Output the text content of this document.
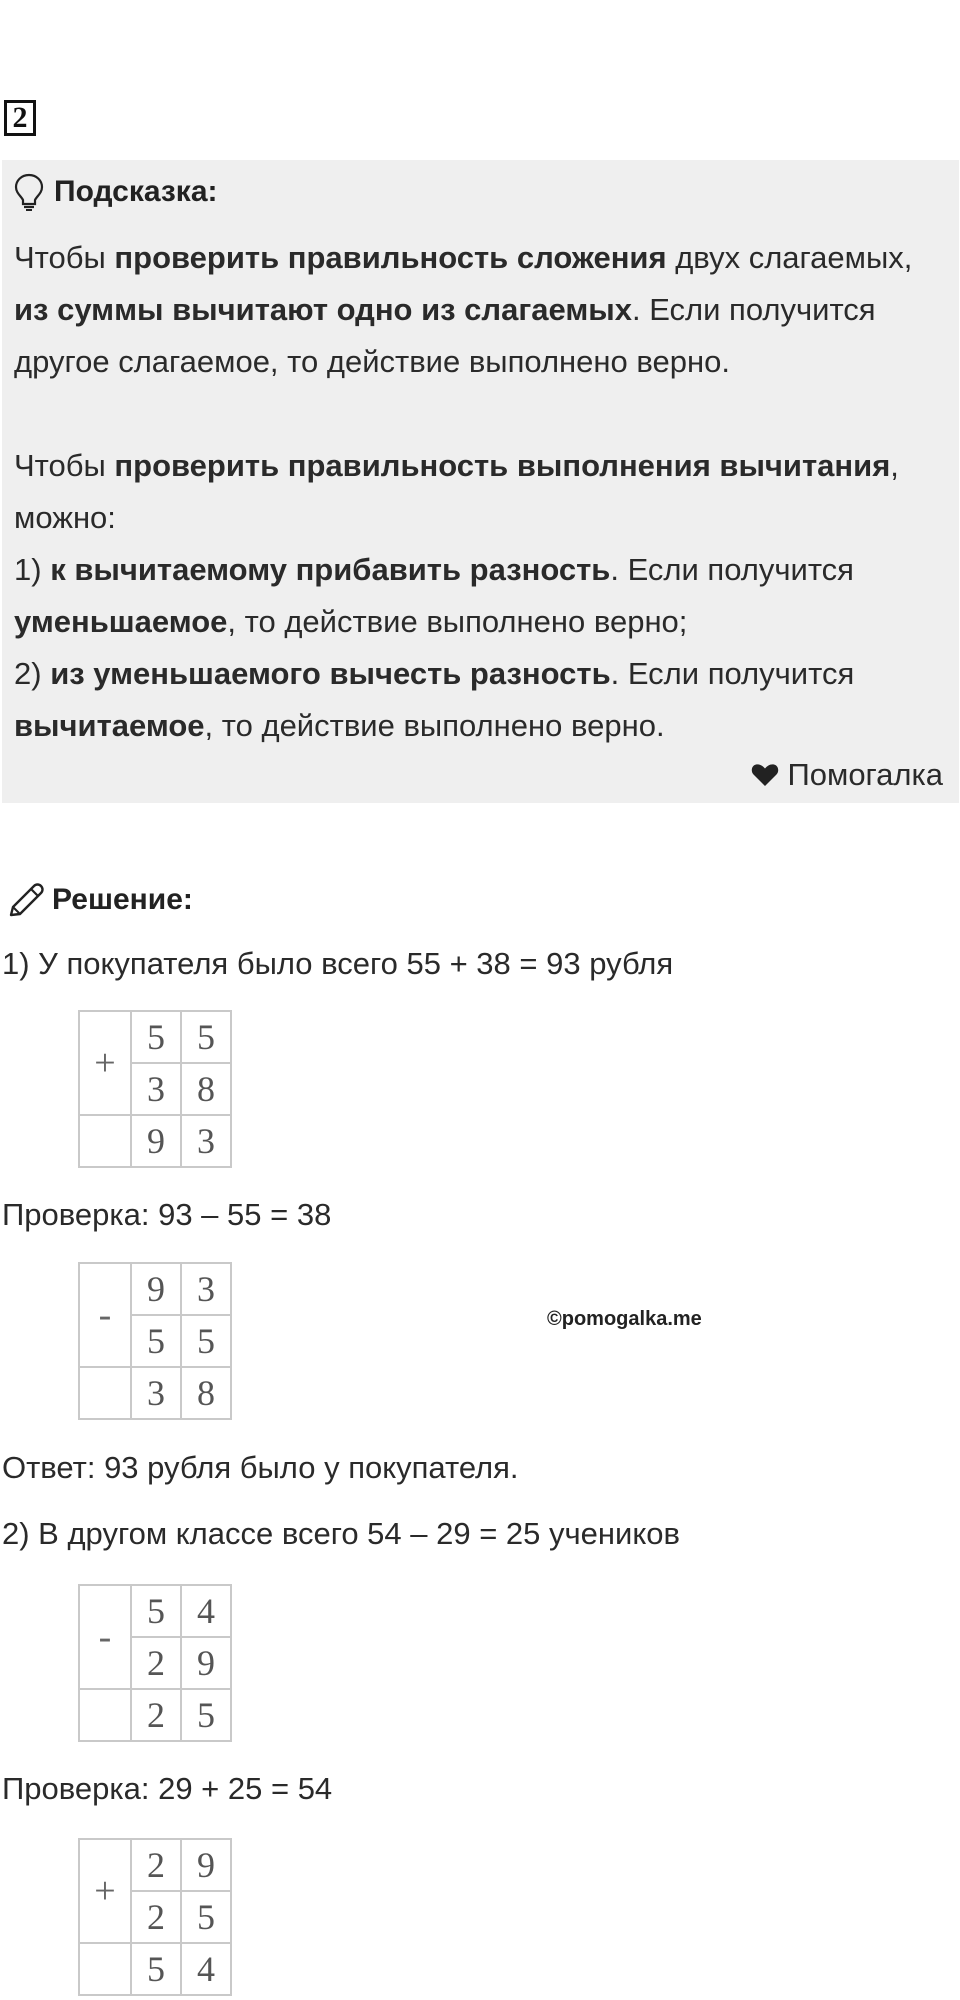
2
Подсказка:

Чтобы проверить правильность сложения двух слагаемых, из суммы вычитают одно из слагаемых. Если получится другое слагаемое, то действие выполнено верно.

Чтобы проверить правильность выполнения вычитания, можно:

1) к вычитаемому прибавить разность. Если получится уменьшаемое, то действие выполнено верно;

2) из уменьшаемого вычесть разность. Если получится вычитаемое, то действие выполнено верно.

Помогалка
Решение:
1) У покупателя было всего 55 + 38 = 93 рубля
+	5	5
	3	8
	9	3
Проверка: 93 – 55 = 38
-	9	3
	5	5
	3	8
©pomogalka.me
Ответ: 93 рубля было у покупателя.
2) В другом классе всего 54 – 29 = 25 учеников
-	5	4
	2	9
	2	5
Проверка: 29 + 25 = 54
+	2	9
	2	5
	5	4
